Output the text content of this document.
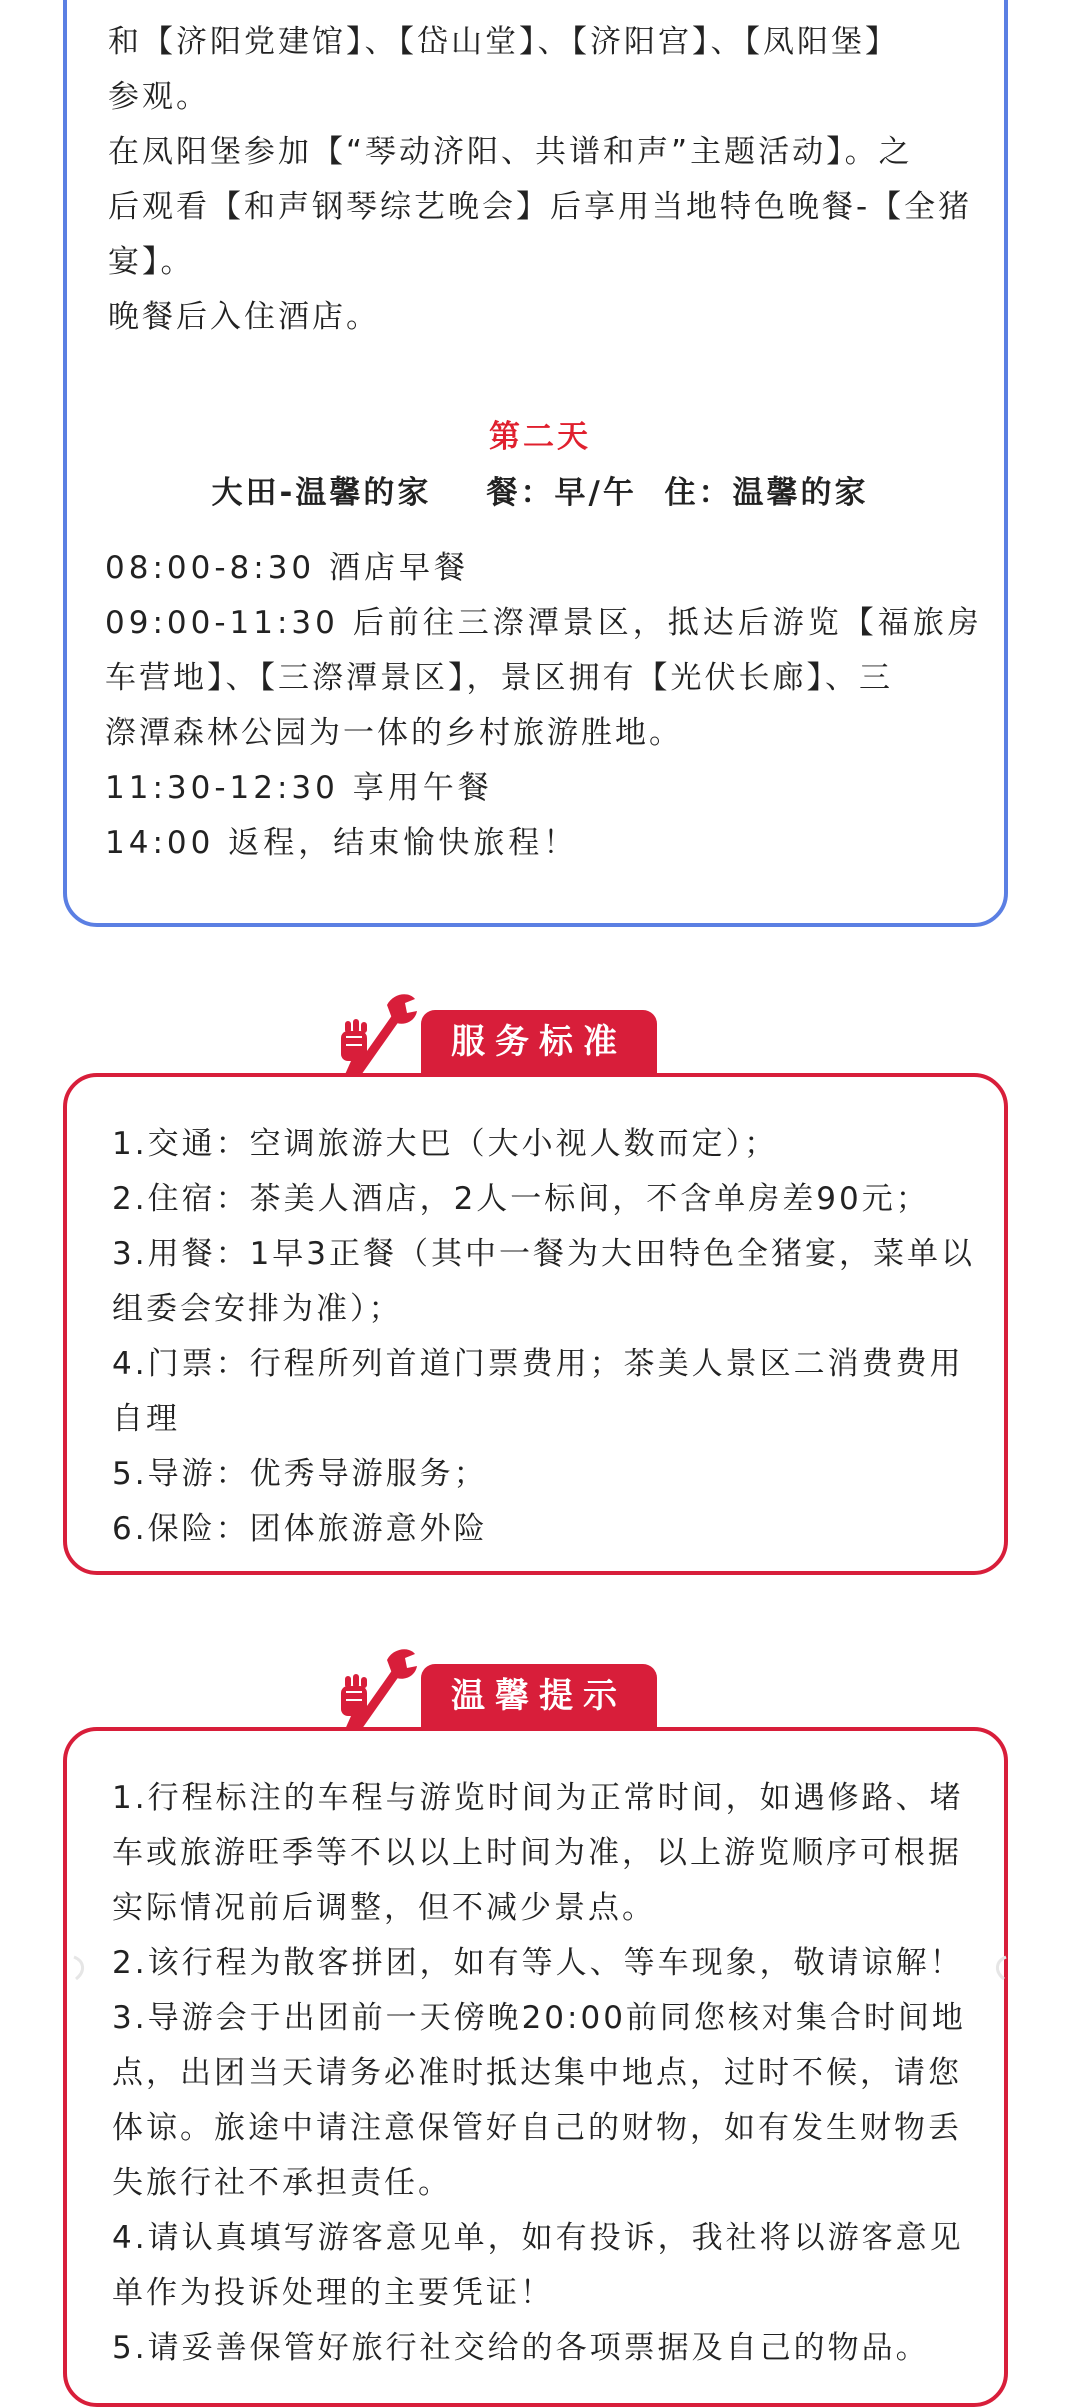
和【济阳党建馆】、【岱山堂】、【济阳宫】、【凤阳堡】
参观。
在凤阳堡参加【“琴动济阳、共谱和声”主题活动】。之
后观看【和声钢琴综艺晚会】后享用当地特色晚餐-【全猪
宴】。
晚餐后入住酒店。
第二天
大田-温馨的家    餐：早/午  住：温馨的家
08:00-8:30 酒店早餐
09:00-11:30 后前往三漈潭景区，抵达后游览【福旅房
车营地】、【三漈潭景区】，景区拥有【光伏长廊】、三
漈潭森林公园为一体的乡村旅游胜地。
11:30-12:30 享用午餐
14:00 返程，结束愉快旅程！
服务标准
1.交通：空调旅游大巴（大小视人数而定）；
2.住宿：茶美人酒店，2人一标间，不含单房差90元；
3.用餐：1早3正餐（其中一餐为大田特色全猪宴，菜单以
组委会安排为准）；
4.门票：行程所列首道门票费用；茶美人景区二消费费用
自理
5.导游：优秀导游服务；
6.保险：团体旅游意外险
温馨提示
1.行程标注的车程与游览时间为正常时间，如遇修路、堵
车或旅游旺季等不以以上时间为准，以上游览顺序可根据
实际情况前后调整，但不减少景点。
2.该行程为散客拼团，如有等人、等车现象，敬请谅解！
3.导游会于出团前一天傍晚20:00前同您核对集合时间地
点，出团当天请务必准时抵达集中地点，过时不候，请您
体谅。旅途中请注意保管好自己的财物，如有发生财物丢
失旅行社不承担责任。
4.请认真填写游客意见单，如有投诉，我社将以游客意见
单作为投诉处理的主要凭证！
5.请妥善保管好旅行社交给的各项票据及自己的物品。
